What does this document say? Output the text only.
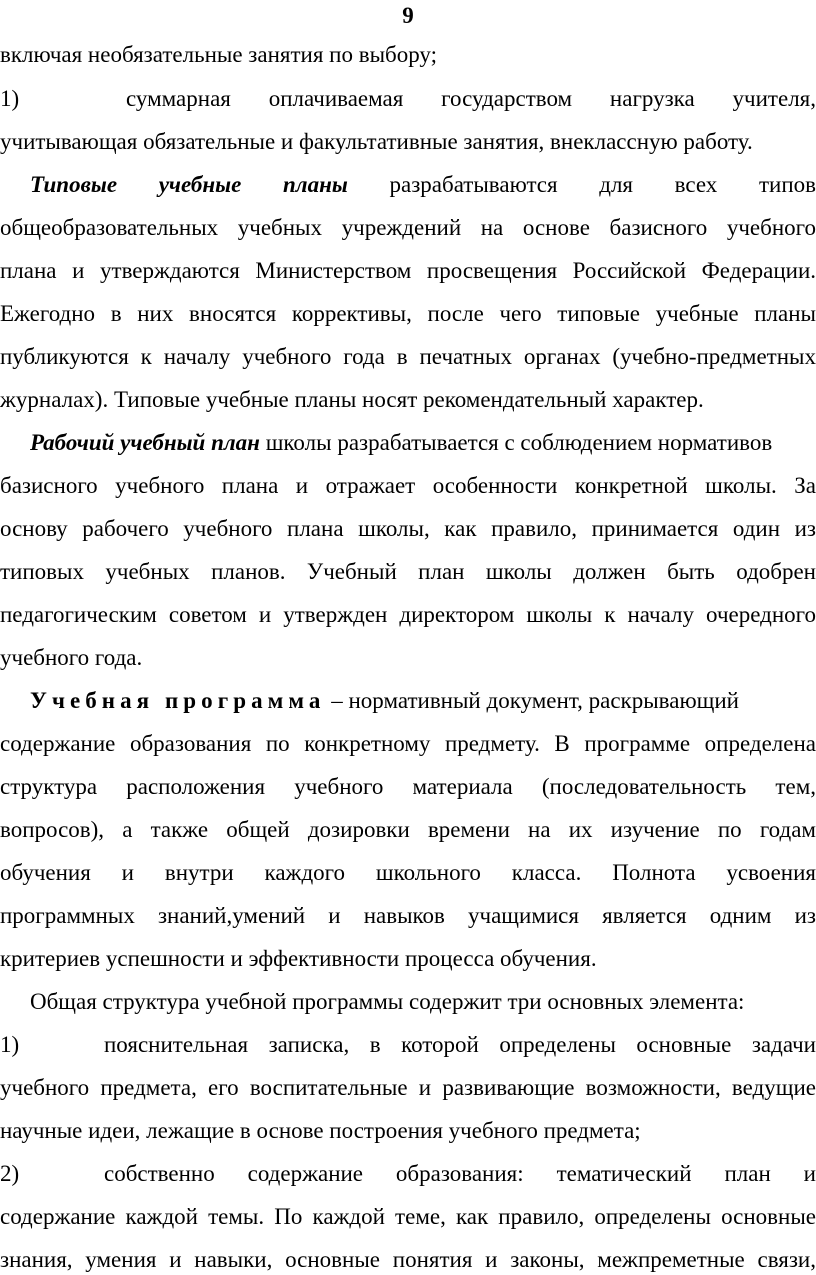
9
включая необязательные занятия по выбору;
1)	суммарная оплачиваемая государством нагрузка учителя,
учитывающая обязательные и факультативные занятия, внеклассную работу.
Типовые учебные планы разрабатываются для всех типов
общеобразовательных учебных учреждений на основе базисного учебного
плана и утверждаются Министерством просвещения Российской Федерации.
Ежегодно в них вносятся коррективы, после чего типовые учебные планы
публикуются к началу учебного года в печатных органах (учебно-предметных
журналах). Типовые учебные планы носят рекомендательный характер.
Рабочий учебный план школы разрабатывается с соблюдением нормативов
базисного учебного плана и отражает особенности конкретной школы. За
основу рабочего учебного плана школы, как правило, принимается один из
типовых учебных планов. Учебный план школы должен быть одобрен
педагогическим советом и утвержден директором школы к началу очередного
учебного года.
Учебная программа – нормативный документ, раскрывающий
содержание образования по конкретному предмету. В программе определена
структура расположения учебного материала (последовательность тем,
вопросов), а также общей дозировки времени на их изучение по годам
обучения и внутри каждого школьного класса. Полнота усвоения
программных знаний,умений и навыков учащимися является одним из
критериев успешности и эффективности процесса обучения.
Общая структура учебной программы содержит три основных элемента:
1)	пояснительная записка, в которой определены основные задачи
учебного предмета, его воспитательные и развивающие возможности, ведущие
научные идеи, лежащие в основе построения учебного предмета;
2)	собственно содержание образования: тематический план и
содержание каждой темы. По каждой теме, как правило, определены основные
знания, умения и навыки, основные понятия и законы, межпреметные связи,
